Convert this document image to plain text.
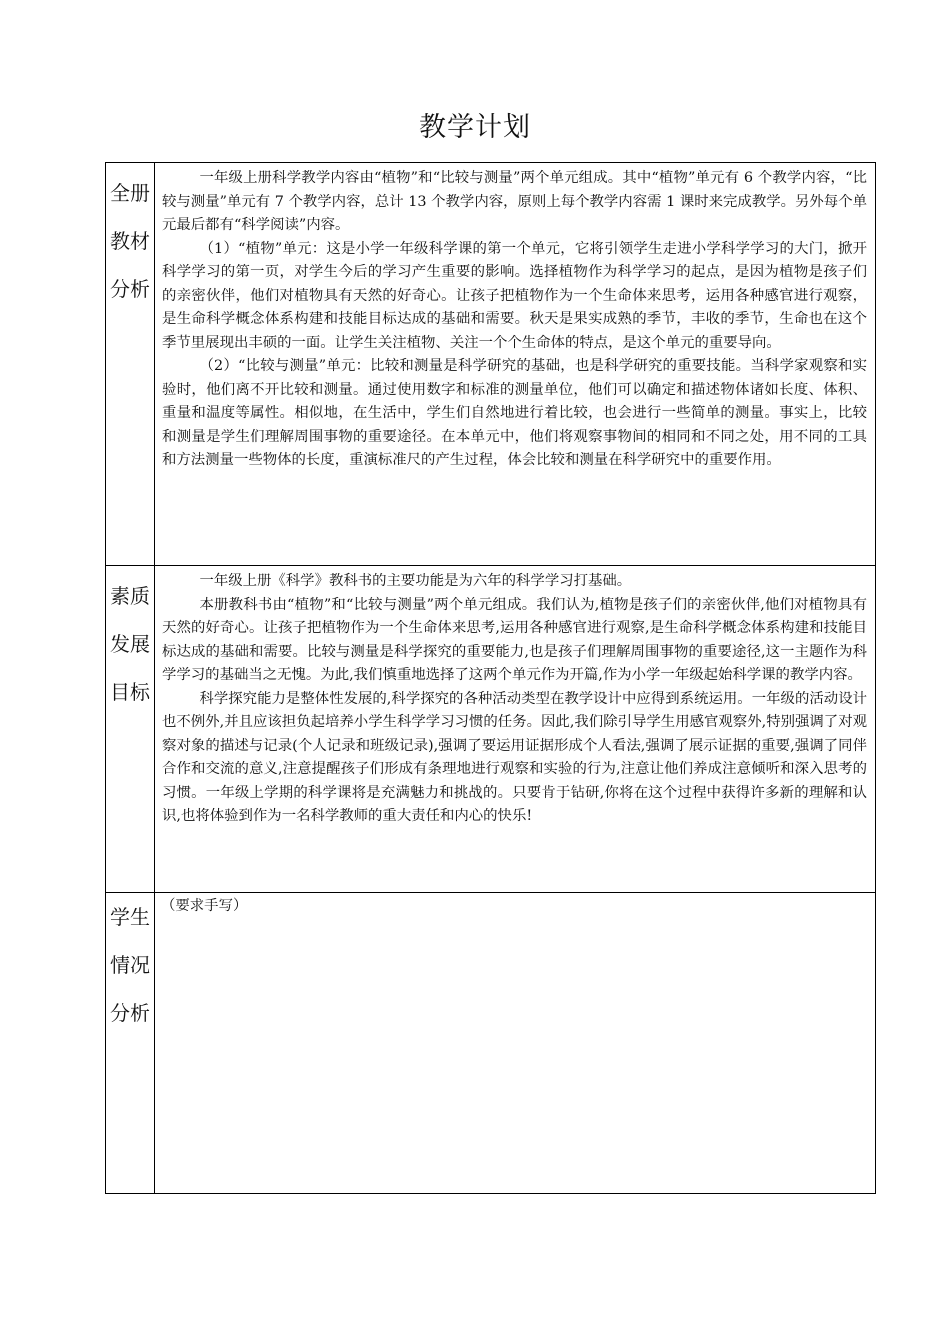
教学计划
全册教材分析	一年级上册科学教学内容由“植物”和“比较与测量”两个单元组成。其中“植物”单元有 6 个教学内容，“比较与测量”单元有 7 个教学内容，总计 13 个教学内容，原则上每个教学内容需 1 课时来完成教学。另外每个单元最后都有“科学阅读”内容。

（1）“植物”单元：这是小学一年级科学课的第一个单元，它将引领学生走进小学科学学习的大门，掀开科学学习的第一页，对学生今后的学习产生重要的影响。选择植物作为科学学习的起点，是因为植物是孩子们的亲密伙伴，他们对植物具有天然的好奇心。让孩子把植物作为一个生命体来思考，运用各种感官进行观察，是生命科学概念体系构建和技能目标达成的基础和需要。秋天是果实成熟的季节，丰收的季节，生命也在这个季节里展现出丰硕的一面。让学生关注植物、关注一个个生命体的特点，是这个单元的重要导向。

（2）“比较与测量”单元：比较和测量是科学研究的基础，也是科学研究的重要技能。当科学家观察和实验时，他们离不开比较和测量。通过使用数字和标准的测量单位，他们可以确定和描述物体诸如长度、体积、重量和温度等属性。相似地，在生活中，学生们自然地进行着比较，也会进行一些简单的测量。事实上，比较和测量是学生们理解周围事物的重要途径。在本单元中，他们将观察事物间的相同和不同之处，用不同的工具和方法测量一些物体的长度，重演标准尺的产生过程，体会比较和测量在科学研究中的重要作用。

素质发展目标	一年级上册《科学》教科书的主要功能是为六年的科学学习打基础。

本册教科书由“植物”和“比较与测量”两个单元组成。我们认为,植物是孩子们的亲密伙伴,他们对植物具有天然的好奇心。让孩子把植物作为一个生命体来思考,运用各种感官进行观察,是生命科学概念体系构建和技能目标达成的基础和需要。比较与测量是科学探究的重要能力,也是孩子们理解周围事物的重要途径,这一主题作为科学学习的基础当之无愧。为此,我们慎重地选择了这两个单元作为开篇,作为小学一年级起始科学课的教学内容。

科学探究能力是整体性发展的,科学探究的各种活动类型在教学设计中应得到系统运用。一年级的活动设计也不例外,并且应该担负起培养小学生科学学习习惯的任务。因此,我们除引导学生用感官观察外,特别强调了对观察对象的描述与记录(个人记录和班级记录),强调了要运用证据形成个人看法,强调了展示证据的重要,强调了同伴合作和交流的意义,注意提醒孩子们形成有条理地进行观察和实验的行为,注意让他们养成注意倾听和深入思考的习惯。一年级上学期的科学课将是充满魅力和挑战的。只要肯于钻研,你将在这个过程中获得许多新的理解和认识,也将体验到作为一名科学教师的重大责任和内心的快乐!

学生情况分析	（要求手写）
